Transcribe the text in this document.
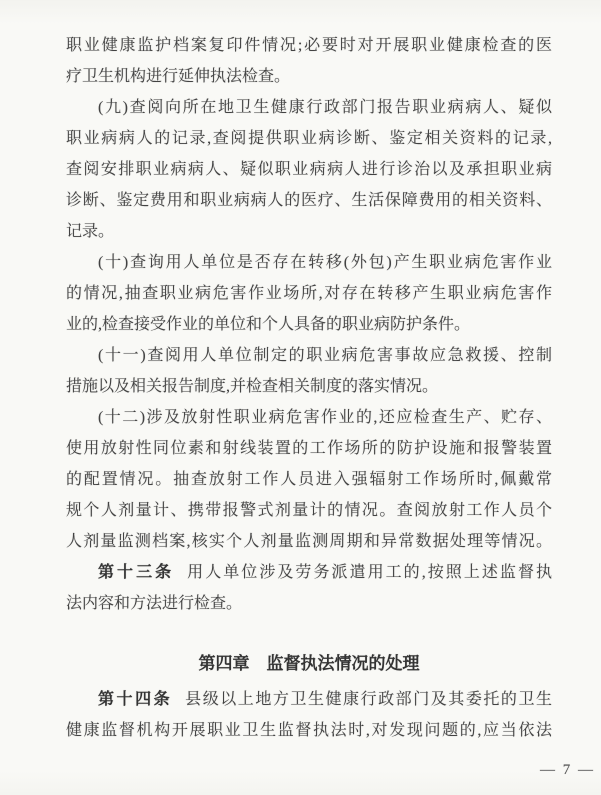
职业健康监护档案复印件情况;必要时对开展职业健康检查的医
疗卫生机构进行延伸执法检查。
(九)查阅向所在地卫生健康行政部门报告职业病病人、疑似
职业病病人的记录,查阅提供职业病诊断、鉴定相关资料的记录,
查阅安排职业病病人、疑似职业病病人进行诊治以及承担职业病
诊断、鉴定费用和职业病病人的医疗、生活保障费用的相关资料、
记录。
(十)查询用人单位是否存在转移(外包)产生职业病危害作业
的情况,抽查职业病危害作业场所,对存在转移产生职业病危害作
业的,检查接受作业的单位和个人具备的职业病防护条件。
(十一)查阅用人单位制定的职业病危害事故应急救援、控制
措施以及相关报告制度,并检查相关制度的落实情况。
(十二)涉及放射性职业病危害作业的,还应检查生产、贮存、
使用放射性同位素和射线装置的工作场所的防护设施和报警装置
的配置情况。抽查放射工作人员进入强辐射工作场所时,佩戴常
规个人剂量计、携带报警式剂量计的情况。查阅放射工作人员个
人剂量监测档案,核实个人剂量监测周期和异常数据处理等情况。
第十三条 用人单位涉及劳务派遣用工的,按照上述监督执
法内容和方法进行检查。
第四章　监督执法情况的处理
第十四条 县级以上地方卫生健康行政部门及其委托的卫生
健康监督机构开展职业卫生监督执法时,对发现问题的,应当依法
— 7 —
